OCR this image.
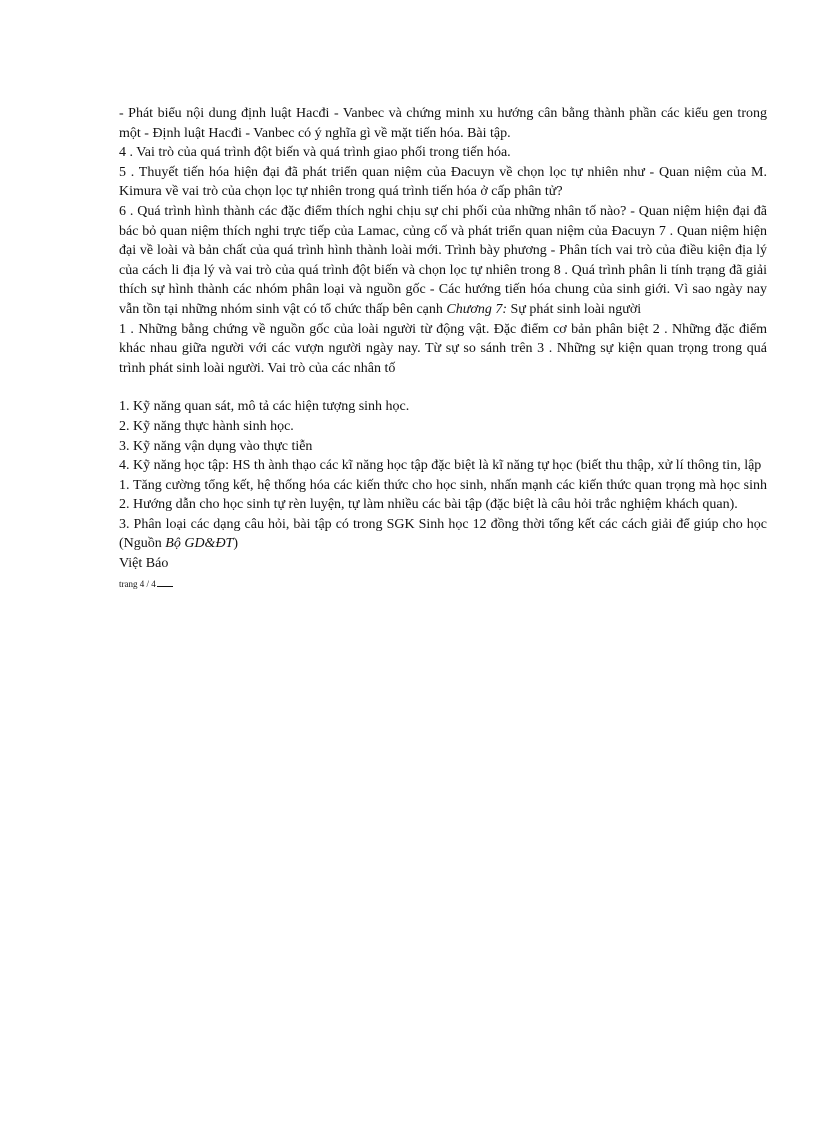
- Phát biểu nội dung định luật Hacđi - Vanbec và chứng minh xu hướng cân bằng thành phần các kiểu gen trong một - Định luật Hacđi - Vanbec có ý nghĩa gì về mặt tiến hóa. Bài tập.

4 . Vai trò của quá trình đột biến và quá trình giao phối trong tiến hóa.

5 . Thuyết tiến hóa hiện đại đã phát triển quan niệm của Đacuyn về chọn lọc tự nhiên như - Quan niệm của M. Kimura về vai trò của chọn lọc tự nhiên trong quá trình tiến hóa ở cấp phân tử?

6 . Quá trình hình thành các đặc điểm thích nghi chịu sự chi phối của những nhân tố nào? - Quan niệm hiện đại đã bác bỏ quan niệm thích nghi trực tiếp của Lamac, củng cố và phát triển quan niệm của Đacuyn 7 . Quan niệm hiện đại về loài và bản chất của quá trình hình thành loài mới. Trình bày phương - Phân tích vai trò của điều kiện địa lý của cách li địa lý và vai trò của quá trình đột biến và chọn lọc tự nhiên trong 8 . Quá trình phân li tính trạng đã giải thích sự hình thành các nhóm phân loại và nguồn gốc - Các hướng tiến hóa chung của sinh giới. Vì sao ngày nay vẫn tồn tại những nhóm sinh vật có tổ chức thấp bên cạnh Chương 7: Sự phát sinh loài người

1 . Những bằng chứng về nguồn gốc của loài người từ động vật. Đặc điểm cơ bản phân biệt 2 . Những đặc điểm khác nhau giữa người với các vượn người ngày nay. Từ sự so sánh trên 3 . Những sự kiện quan trọng trong quá trình phát sinh loài người. Vai trò của các nhân tố

1. Kỹ năng quan sát, mô tả các hiện tượng sinh học.

2. Kỹ năng thực hành sinh học.

3. Kỹ năng vận dụng vào thực tiễn

4. Kỹ năng học tập: HS th ành thạo các kĩ năng học tập đặc biệt là kĩ năng tự học (biết thu thập, xử lí thông tin, lập

1. Tăng cường tổng kết, hệ thống hóa các kiến thức cho học sinh, nhấn mạnh các kiến thức quan trọng mà học sinh 2. Hướng dẫn cho học sinh tự rèn luyện, tự làm nhiều các bài tập (đặc biệt là câu hỏi trắc nghiệm khách quan).

3. Phân loại các dạng câu hỏi, bài tập có trong SGK Sinh học 12 đồng thời tổng kết các cách giải để giúp cho học (Nguồn Bộ GD&ĐT)

Việt Báo

trang 4 / 4
